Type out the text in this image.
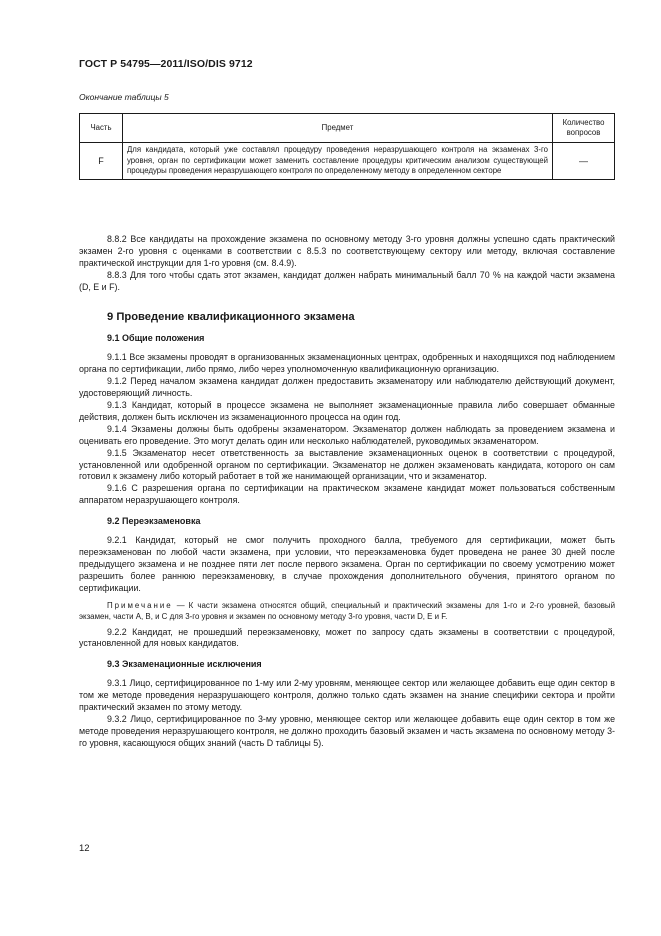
ГОСТ Р 54795—2011/ISO/DIS 9712
Окончание таблицы 5
Часть	Предмет	Количество
вопросов
F	Для кандидата, который уже составлял процедуру проведения неразрушающего контроля на экзаменах 3-го уровня, орган по сертификации может заменить составление процедуры критическим анализом существующей процедуры проведения неразрушающего контроля по определенному методу в определенном секторе	—

8.8.2 Все кандидаты на прохождение экзамена по основному методу 3-го уровня должны успешно сдать практический экзамен 2-го уровня с оценками в соответствии с 8.5.3 по соответствующему сектору или методу, включая составление практической инструкции для 1-го уровня (см. 8.4.9).

8.8.3 Для того чтобы сдать этот экзамен, кандидат должен набрать минимальный балл 70 % на каждой части экзамена (D, E и F).

9 Проведение квалификационного экзамена
9.1 Общие положения

9.1.1 Все экзамены проводят в организованных экзаменационных центрах, одобренных и находящихся под наблюдением органа по сертификации, либо прямо, либо через уполномоченную квалификационную организацию.

9.1.2 Перед началом экзамена кандидат должен предоставить экзаменатору или наблюдателю действующий документ, удостоверяющий личность.

9.1.3 Кандидат, который в процессе экзамена не выполняет экзаменационные правила либо совершает обманные действия, должен быть исключен из экзаменационного процесса на один год.

9.1.4 Экзамены должны быть одобрены экзаменатором. Экзаменатор должен наблюдать за проведением экзамена и оценивать его проведение. Это могут делать один или несколько наблюдателей, руководимых экзаменатором.

9.1.5 Экзаменатор несет ответственность за выставление экзаменационных оценок в соответствии с процедурой, установленной или одобренной органом по сертификации. Экзаменатор не должен экзаменовать кандидата, которого он сам готовил к экзамену либо который работает в той же нанимающей организации, что и экзаменатор.

9.1.6 С разрешения органа по сертификации на практическом экзамене кандидат может пользоваться собственным аппаратом неразрушающего контроля.

9.2 Переэкзаменовка

9.2.1 Кандидат, который не смог получить проходного балла, требуемого для сертификации, может быть переэкзаменован по любой части экзамена, при условии, что переэкзаменовка будет проведена не ранее 30 дней после предыдущего экзамена и не позднее пяти лет после первого экзамена. Орган по сертификации по своему усмотрению может разрешить более раннюю переэкзаменовку, в случае прохождения дополнительного обучения, принятого органом по сертификации.

Примечание — К части экзамена относятся общий, специальный и практический экзамены для 1-го и 2-го уровней, базовый экзамен, части А, В, и С для 3-го уровня и экзамен по основному методу 3-го уровня, части D, E и F.

9.2.2 Кандидат, не прошедший переэкзаменовку, может по запросу сдать экзамены в соответствии с процедурой, установленной для новых кандидатов.

9.3 Экзаменационные исключения

9.3.1 Лицо, сертифицированное по 1-му или 2-му уровням, меняющее сектор или желающее добавить еще один сектор в том же методе проведения неразрушающего контроля, должно только сдать экзамен на знание специфики сектора и пройти практический экзамен по этому методу.

9.3.2 Лицо, сертифицированное по 3-му уровню, меняющее сектор или желающее добавить еще один сектор в том же методе проведения неразрушающего контроля, не должно проходить базовый экзамен и часть экзамена по основному методу 3-го уровня, касающуюся общих знаний (часть D таблицы 5).

12
